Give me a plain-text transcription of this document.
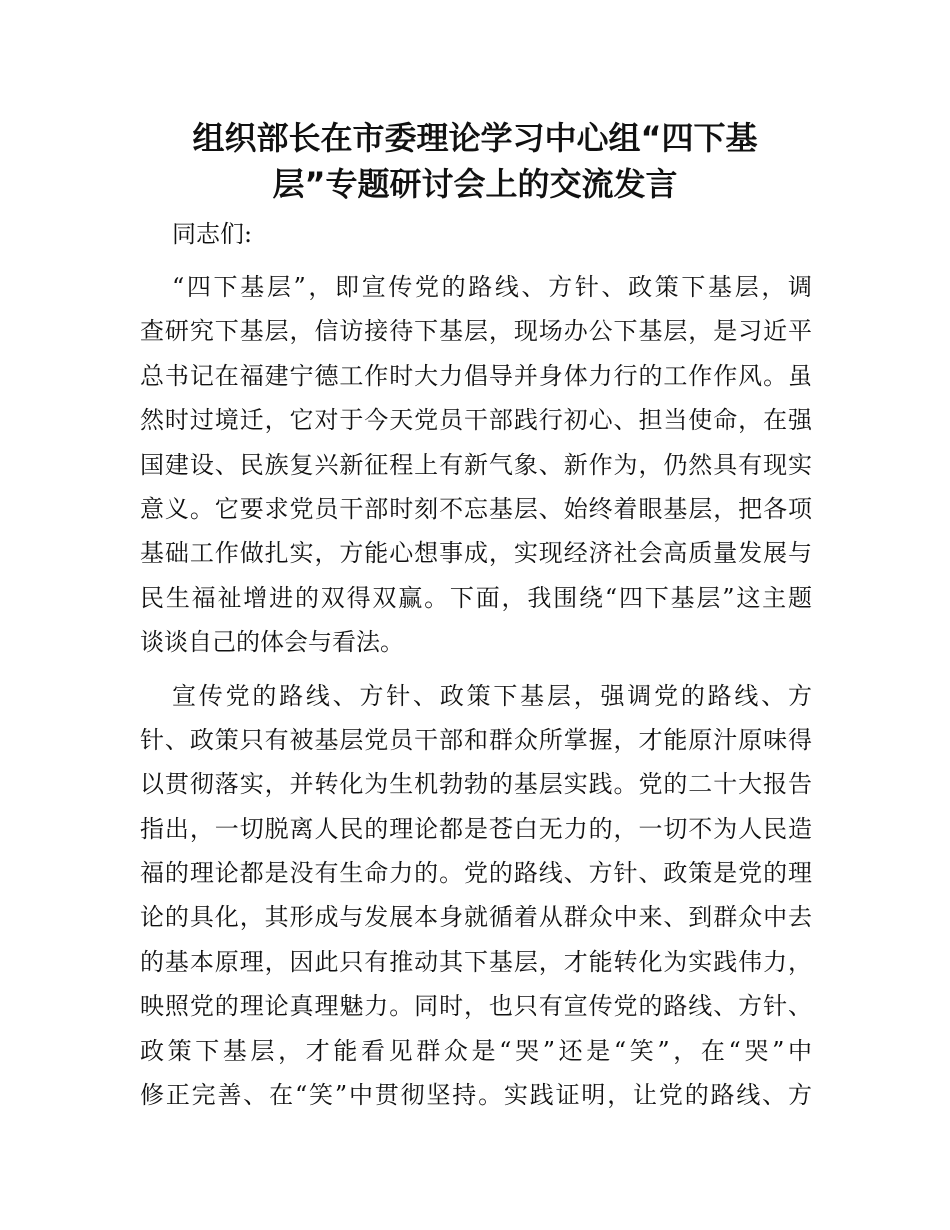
组织部长在市委理论学习中心组“四下基
层”专题研讨会上的交流发言

同志们:

“四下基层”，即宣传党的路线、方针、政策下基层，调
查研究下基层，信访接待下基层，现场办公下基层，是习近平
总书记在福建宁德工作时大力倡导并身体力行的工作作风。虽
然时过境迁，它对于今天党员干部践行初心、担当使命，在强
国建设、民族复兴新征程上有新气象、新作为，仍然具有现实
意义。它要求党员干部时刻不忘基层、始终着眼基层，把各项
基础工作做扎实，方能心想事成，实现经济社会高质量发展与
民生福祉增进的双得双赢。下面，我围绕“四下基层”这主题
谈谈自己的体会与看法。

宣传党的路线、方针、政策下基层，强调党的路线、方
针、政策只有被基层党员干部和群众所掌握，才能原汁原味得
以贯彻落实，并转化为生机勃勃的基层实践。党的二十大报告
指出，一切脱离人民的理论都是苍白无力的，一切不为人民造
福的理论都是没有生命力的。党的路线、方针、政策是党的理
论的具化，其形成与发展本身就循着从群众中来、到群众中去
的基本原理，因此只有推动其下基层，才能转化为实践伟力，
映照党的理论真理魅力。同时，也只有宣传党的路线、方针、
政策下基层，才能看见群众是“哭”还是“笑”，在“哭”中
修正完善、在“笑”中贯彻坚持。实践证明，让党的路线、方
